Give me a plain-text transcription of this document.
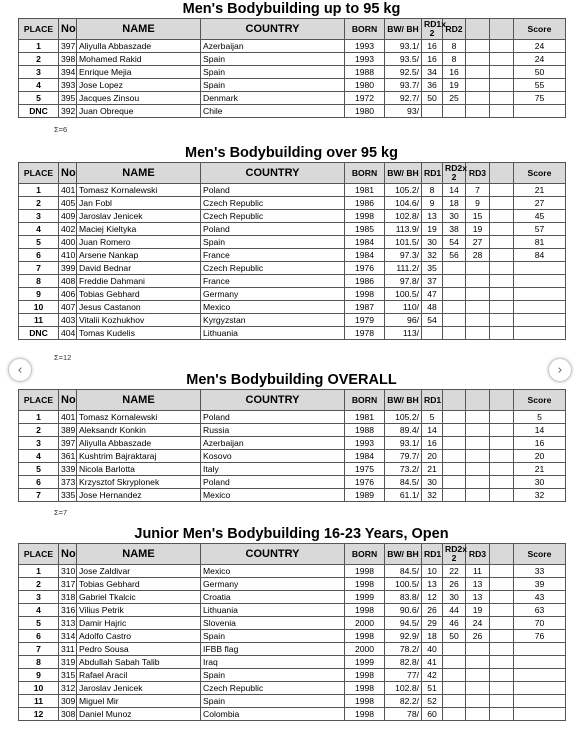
Men's Bodybuilding up to 95 kg
PLACE	No	NAME	COUNTRY	BORN	BW/ BH	RD1x 2	RD2			Score
1	397	Aliyulla Abbaszade	Azerbaijan	1993	93.1/	16	8			24
2	398	Mohamed Rakid	Spain	1993	93.5/	16	8			24
3	394	Enrique Mejia	Spain	1988	92.5/	34	16			50
4	393	Jose Lopez	Spain	1980	93.7/	36	19			55
5	395	Jacques Zinsou	Denmark	1972	92.7/	50	25			75
DNC	392	Juan Obreque	Chile	1980	93/					
Σ=6
Men's Bodybuilding over 95 kg
PLACE	No	NAME	COUNTRY	BORN	BW/ BH	RD1	RD2x 2	RD3		Score
1	401	Tomasz Kornalewski	Poland	1981	105.2/	8	14	7		21
2	405	Jan Fobl	Czech Republic	1986	104.6/	9	18	9		27
3	409	Jaroslav Jenicek	Czech Republic	1998	102.8/	13	30	15		45
4	402	Maciej Kieltyka	Poland	1985	113.9/	19	38	19		57
5	400	Juan Romero	Spain	1984	101.5/	30	54	27		81
6	410	Arsene Nankap	France	1984	97.3/	32	56	28		84
7	399	David Bednar	Czech Republic	1976	111.2/	35				
8	408	Freddie Dahmani	France	1986	97.8/	37				
9	406	Tobias Gebhard	Germany	1998	100.5/	47				
10	407	Jesus Castanon	Mexico	1987	110/	48				
11	403	Vitalii Kozhukhov	Kyrgyzstan	1979	96/	54				
DNC	404	Tomas Kudelis	Lithuania	1978	113/					
Σ=12
Men's Bodybuilding OVERALL
PLACE	No	NAME	COUNTRY	BORN	BW/ BH	RD1				Score
1	401	Tomasz Kornalewski	Poland	1981	105.2/	5				5
2	389	Aleksandr Konkin	Russia	1988	89.4/	14				14
3	397	Aliyulla Abbaszade	Azerbaijan	1993	93.1/	16				16
4	361	Kushtrim Bajraktaraj	Kosovo	1984	79.7/	20				20
5	339	Nicola Barlotta	Italy	1975	73.2/	21				21
6	373	Krzysztof Skryplonek	Poland	1976	84.5/	30				30
7	335	Jose Hernandez	Mexico	1989	61.1/	32				32
Σ=7
Junior Men's Bodybuilding 16-23 Years, Open
PLACE	No	NAME	COUNTRY	BORN	BW/ BH	RD1	RD2x 2	RD3		Score
1	310	Jose Zaldivar	Mexico	1998	84.5/	10	22	11		33
2	317	Tobias Gebhard	Germany	1998	100.5/	13	26	13		39
3	318	Gabriel Tkalcic	Croatia	1999	83.8/	12	30	13		43
4	316	Vilius Petrik	Lithuania	1998	90.6/	26	44	19		63
5	313	Damir Hajric	Slovenia	2000	94.5/	29	46	24		70
6	314	Adolfo Castro	Spain	1998	92.9/	18	50	26		76
7	311	Pedro Sousa	IFBB flag	2000	78.2/	40				
8	319	Abdullah Sabah Talib	Iraq	1999	82.8/	41				
9	315	Rafael Aracil	Spain	1998	77/	42				
10	312	Jaroslav Jenicek	Czech Republic	1998	102.8/	51				
11	309	Miguel Mir	Spain	1998	82.2/	52				
12	308	Daniel Munoz	Colombia	1998	78/	60				
‹	›
